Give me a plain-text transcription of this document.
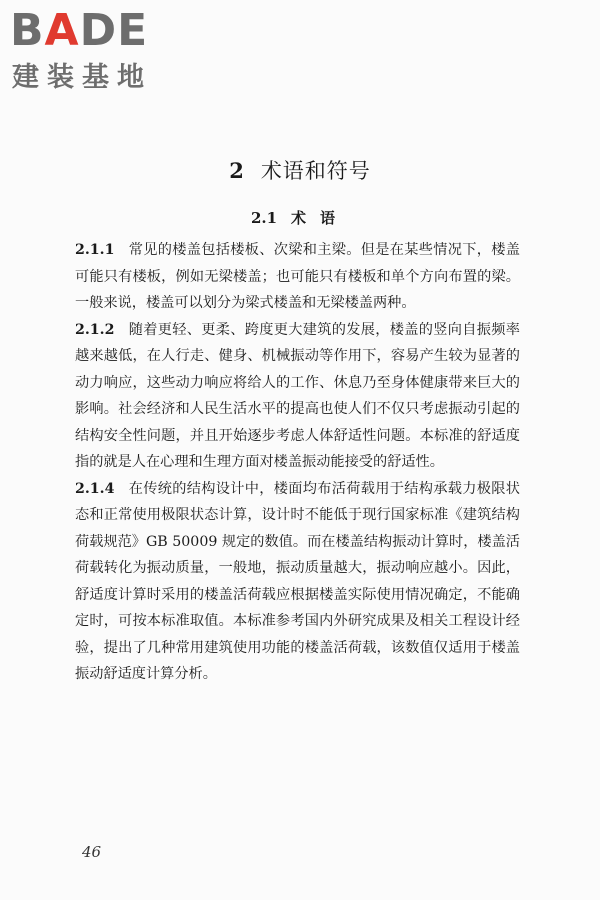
BADE
建装基地
2 术语和符号
2.1 术语

2.1.1 常见的楼盖包括楼板、次梁和主梁。但是在某些情况下，楼盖可能只有楼板，例如无梁楼盖；也可能只有楼板和单个方向布置的梁。一般来说，楼盖可以划分为梁式楼盖和无梁楼盖两种。

2.1.2 随着更轻、更柔、跨度更大建筑的发展，楼盖的竖向自振频率越来越低，在人行走、健身、机械振动等作用下，容易产生较为显著的动力响应，这些动力响应将给人的工作、休息乃至身体健康带来巨大的影响。社会经济和人民生活水平的提高也使人们不仅只考虑振动引起的结构安全性问题，并且开始逐步考虑人体舒适性问题。本标准的舒适度指的就是人在心理和生理方面对楼盖振动能接受的舒适性。

2.1.4 在传统的结构设计中，楼面均布活荷载用于结构承载力极限状态和正常使用极限状态计算，设计时不能低于现行国家标准《建筑结构荷载规范》GB 50009 规定的数值。而在楼盖结构振动计算时，楼盖活荷载转化为振动质量，一般地，振动质量越大，振动响应越小。因此，舒适度计算时采用的楼盖活荷载应根据楼盖实际使用情况确定，不能确定时，可按本标准取值。本标准参考国内外研究成果及相关工程设计经验，提出了几种常用建筑使用功能的楼盖活荷载，该数值仅适用于楼盖振动舒适度计算分析。

46
